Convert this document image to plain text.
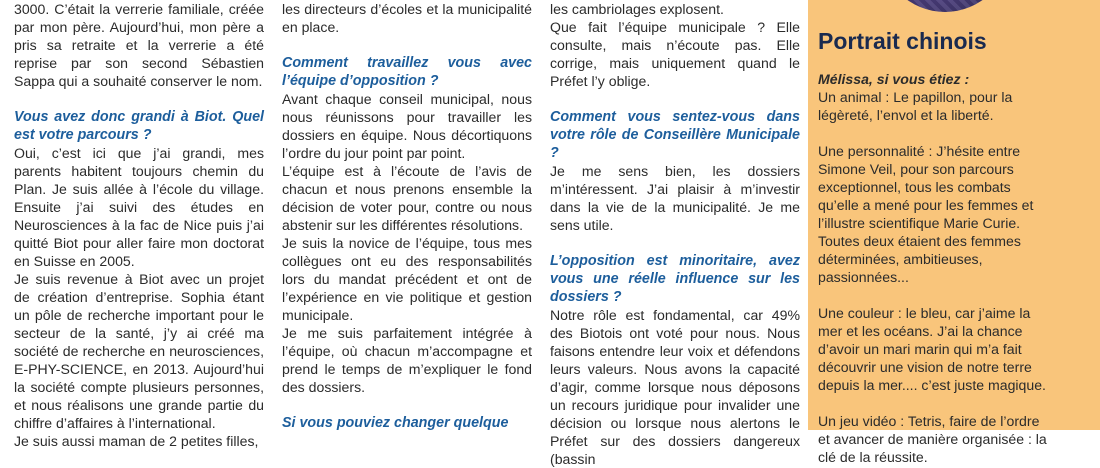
3000. C’était la verrerie familiale, créée par mon père. Aujourd’hui, mon père a pris sa retraite et la verrerie a été reprise par son second Sébastien Sappa qui a souhaité conserver le nom.

Vous avez donc grandi à Biot. Quel est votre parcours ?

Oui, c’est ici que j’ai grandi, mes parents habitent toujours chemin du Plan. Je suis allée à l’école du village. Ensuite j’ai suivi des études en Neurosciences à la fac de Nice puis j’ai quitté Biot pour aller faire mon doctorat en Suisse en 2005.

Je suis revenue à Biot avec un projet de création d’entreprise. Sophia étant un pôle de recherche important pour le secteur de la santé, j’y ai créé ma société de recherche en neurosciences, E-PHY-SCIENCE, en 2013. Aujourd’hui la société compte plusieurs personnes, et nous réalisons une grande partie du chiffre d’affaires à l’international.

Je suis aussi maman de 2 petites filles,

les directeurs d’écoles et la municipalité en place.

Comment travaillez vous avec l’équipe d’opposition ?

Avant chaque conseil municipal, nous nous réunissons pour travailler les dossiers en équipe. Nous décortiquons l’ordre du jour point par point.

L’équipe est à l’écoute de l’avis de chacun et nous prenons ensemble la décision de voter pour, contre ou nous abstenir sur les différentes résolutions.

Je suis la novice de l’équipe, tous mes collègues ont eu des responsabilités lors du mandat précédent et ont de l’expérience en vie politique et gestion municipale.

Je me suis parfaitement intégrée à l’équipe, où chacun m’accompagne et prend le temps de m’expliquer le fond des dossiers.

Si vous pouviez changer quelque

les cambriolages explosent.

Que fait l’équipe municipale ? Elle consulte, mais n’écoute pas. Elle corrige, mais uniquement quand le Préfet l’y oblige.

Comment vous sentez-vous dans votre rôle de Conseillère Municipale ?

Je me sens bien, les dossiers m’intéressent. J’ai plaisir à m’investir dans la vie de la municipalité. Je me sens utile.

L’opposition est minoritaire, avez vous une réelle influence sur les dossiers ?

Notre rôle est fondamental, car 49% des Biotois ont voté pour nous. Nous faisons entendre leur voix et défendons leurs valeurs. Nous avons la capacité d’agir, comme lorsque nous déposons un recours juridique pour invalider une décision ou lorsque nous alertons le Préfet sur des dossiers dangereux (bassin

Portrait chinois

Mélissa, si vous étiez :

Un animal : Le papillon, pour la légèreté, l’envol et la liberté.

Une personnalité : J’hésite entre Simone Veil, pour son parcours exceptionnel, tous les combats qu’elle a mené pour les femmes et l’illustre scientifique Marie Curie. Toutes deux étaient des femmes déterminées, ambitieuses, passionnées...

Une couleur : le bleu, car j’aime la mer et les océans. J’ai la chance d’avoir un mari marin qui m’a fait découvrir une vision de notre terre depuis la mer.... c’est juste magique.

Un jeu vidéo : Tetris, faire de l’ordre et avancer de manière organisée : la clé de la réussite.
